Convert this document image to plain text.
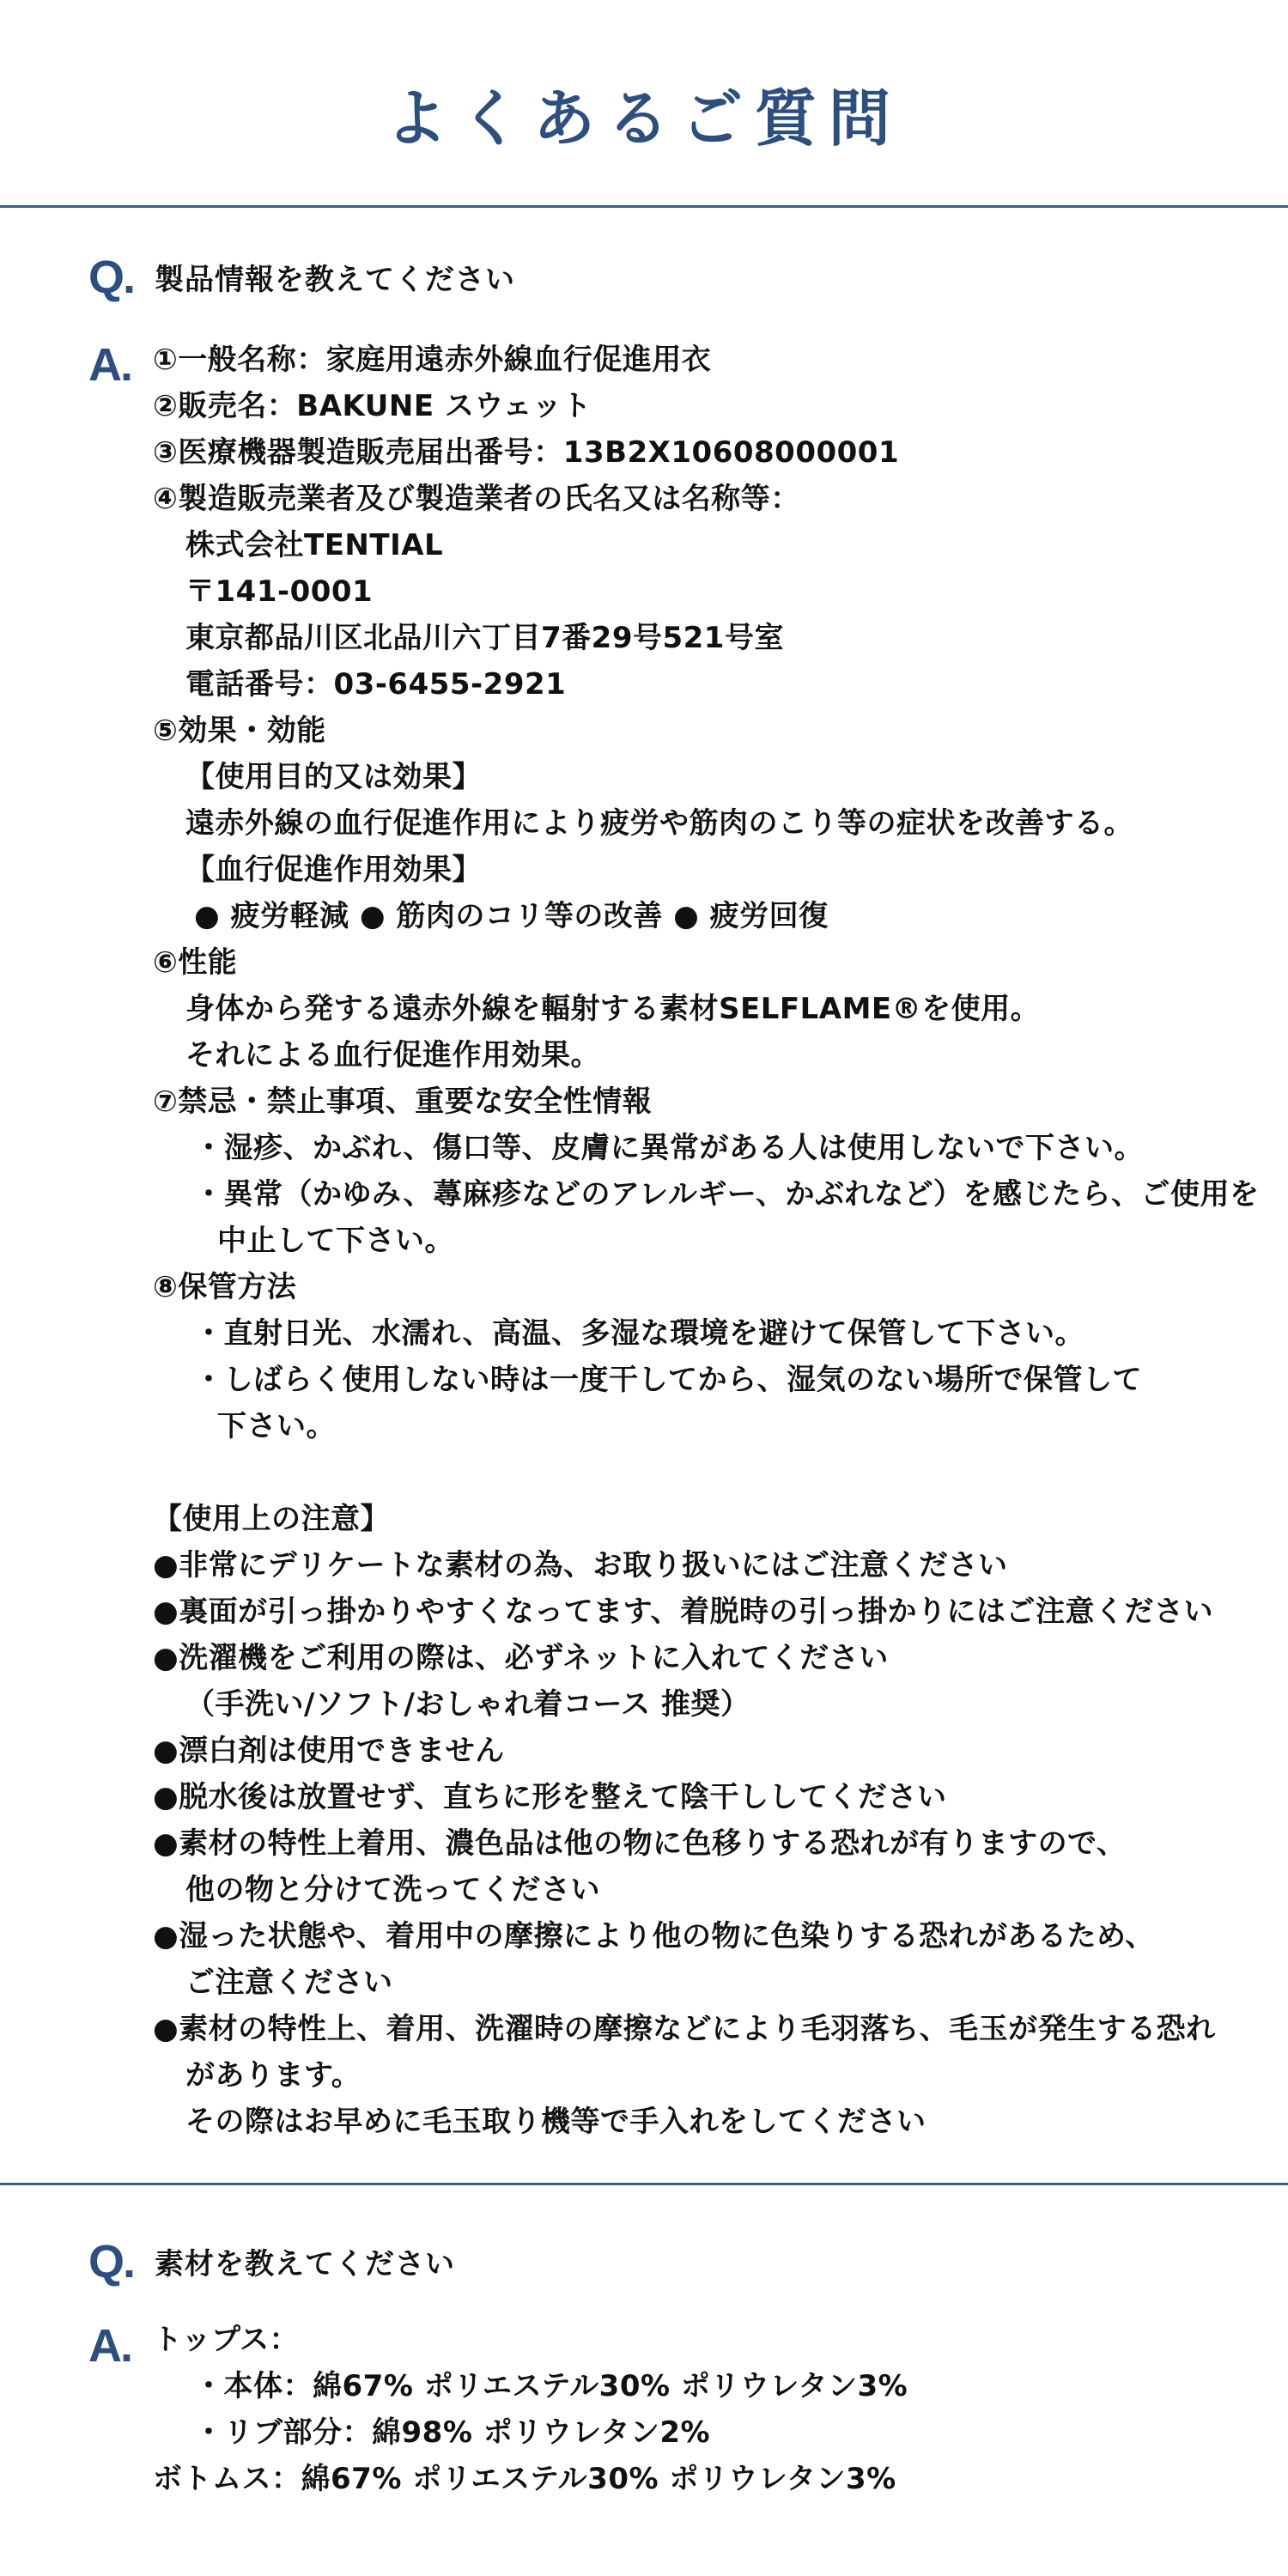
よくあるご質問
Q. 製品情報を教えてください
A. ①一般名称：家庭用遠赤外線血行促進用衣
②販売名：BAKUNE スウェット
③医療機器製造販売届出番号：13B2X10608000001
④製造販売業者及び製造業者の氏名又は名称等：
株式会社TENTIAL
〒141-0001
東京都品川区北品川六丁目7番29号521号室
電話番号：03-6455-2921
⑤効果・効能
【使用目的又は効果】
遠赤外線の血行促進作用により疲労や筋肉のこり等の症状を改善する。
【血行促進作用効果】
● 疲労軽減 ● 筋肉のコリ等の改善 ● 疲労回復
⑥性能
身体から発する遠赤外線を輻射する素材SELFLAME®を使用。
それによる血行促進作用効果。
⑦禁忌・禁止事項、重要な安全性情報
・湿疹、かぶれ、傷口等、皮膚に異常がある人は使用しないで下さい。
・異常（かゆみ、蕁麻疹などのアレルギー、かぶれなど）を感じたら、ご使用を
中止して下さい。
⑧保管方法
・直射日光、水濡れ、高温、多湿な環境を避けて保管して下さい。
・しばらく使用しない時は一度干してから、湿気のない場所で保管して
下さい。

【使用上の注意】
●非常にデリケートな素材の為、お取り扱いにはご注意ください
●裏面が引っ掛かりやすくなってます、着脱時の引っ掛かりにはご注意ください
●洗濯機をご利用の際は、必ずネットに入れてください
（手洗い/ソフト/おしゃれ着コース 推奨）
●漂白剤は使用できません
●脱水後は放置せず、直ちに形を整えて陰干ししてください
●素材の特性上着用、濃色品は他の物に色移りする恐れが有りますので、
他の物と分けて洗ってください
●湿った状態や、着用中の摩擦により他の物に色染りする恐れがあるため、
ご注意ください
●素材の特性上、着用、洗濯時の摩擦などにより毛羽落ち、毛玉が発生する恐れ
があります。
その際はお早めに毛玉取り機等で手入れをしてください
Q. 素材を教えてください
A. トップス：
・本体：綿67% ポリエステル30% ポリウレタン3%
・リブ部分：綿98% ポリウレタン2%
ボトムス：綿67% ポリエステル30% ポリウレタン3%
